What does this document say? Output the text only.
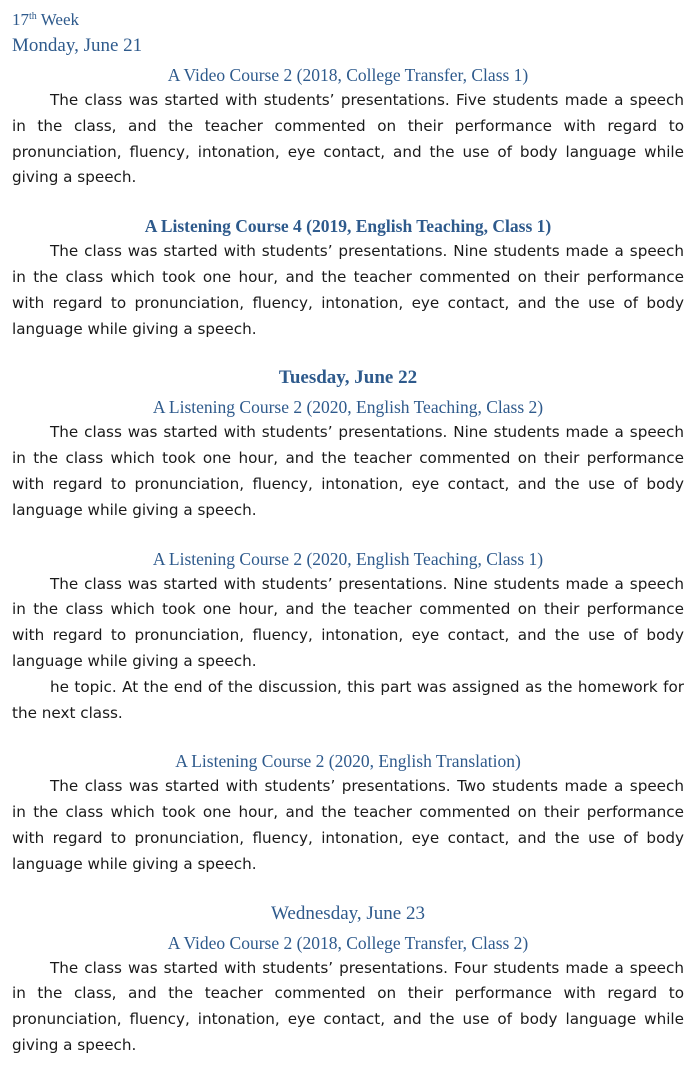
17th Week
Monday, June 21
A Video Course 2 (2018, College Transfer, Class 1)

The class was started with students’ presentations. Five students made a speech in the class, and the teacher commented on their performance with regard to pronunciation, fluency, intonation, eye contact, and the use of body language while giving a speech.

A Listening Course 4 (2019, English Teaching, Class 1)

The class was started with students’ presentations. Nine students made a speech in the class which took one hour, and the teacher commented on their performance with regard to pronunciation, fluency, intonation, eye contact, and the use of body language while giving a speech.

Tuesday, June 22
A Listening Course 2 (2020, English Teaching, Class 2)

The class was started with students’ presentations. Nine students made a speech in the class which took one hour, and the teacher commented on their performance with regard to pronunciation, fluency, intonation, eye contact, and the use of body language while giving a speech.

A Listening Course 2 (2020, English Teaching, Class 1)

The class was started with students’ presentations. Nine students made a speech in the class which took one hour, and the teacher commented on their performance with regard to pronunciation, fluency, intonation, eye contact, and the use of body language while giving a speech.

he topic. At the end of the discussion, this part was assigned as the homework for the next class.

A Listening Course 2 (2020, English Translation)

The class was started with students’ presentations. Two students made a speech in the class which took one hour, and the teacher commented on their performance with regard to pronunciation, fluency, intonation, eye contact, and the use of body language while giving a speech.

Wednesday, June 23
A Video Course 2 (2018, College Transfer, Class 2)

The class was started with students’ presentations. Four students made a speech in the class, and the teacher commented on their performance with regard to pronunciation, fluency, intonation, eye contact, and the use of body language while giving a speech.
